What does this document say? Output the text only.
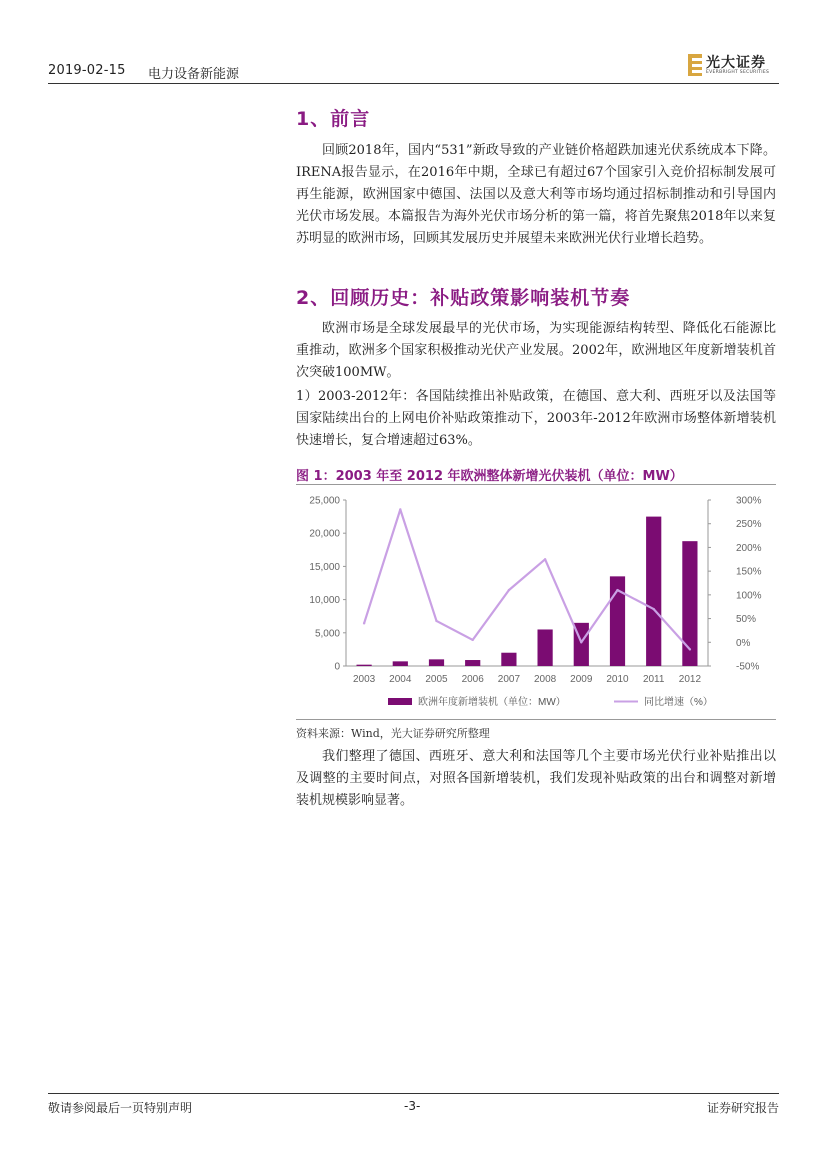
2019-02-15 电力设备新能源
光大证券
EVERBRIGHT SECURITIES
1、前言
回顾2018年，国内“531”新政导致的产业链价格超跌加速光伏系统成本下降。IRENA报告显示，在2016年中期，全球已有超过67个国家引入竞价招标制发展可再生能源，欧洲国家中德国、法国以及意大利等市场均通过招标制推动和引导国内光伏市场发展。本篇报告为海外光伏市场分析的第一篇，将首先聚焦2018年以来复苏明显的欧洲市场，回顾其发展历史并展望未来欧洲光伏行业增长趋势。
2、回顾历史：补贴政策影响装机节奏
欧洲市场是全球发展最早的光伏市场，为实现能源结构转型、降低化石能源比重推动，欧洲多个国家积极推动光伏产业发展。2002年，欧洲地区年度新增装机首次突破100MW。
1）2003-2012年：各国陆续推出补贴政策，在德国、意大利、西班牙以及法国等国家陆续出台的上网电价补贴政策推动下，2003年-2012年欧洲市场整体新增装机快速增长，复合增速超过63%。
图 1：2003 年至 2012 年欧洲整体新增光伏装机（单位：MW）
0
5,000
10,000
15,000
20,000
25,000
-50%
0%
50%
100%
150%
200%
250%
300%
2003 2004 2005 2006 2007 2008 2009 2010 2011 2012
欧洲年度新增装机（单位：MW）	同比增速（%）
资料来源：Wind，光大证券研究所整理
我们整理了德国、西班牙、意大利和法国等几个主要市场光伏行业补贴推出以及调整的主要时间点，对照各国新增装机，我们发现补贴政策的出台和调整对新增装机规模影响显著。
敬请参阅最后一页特别声明	-3-	证券研究报告
